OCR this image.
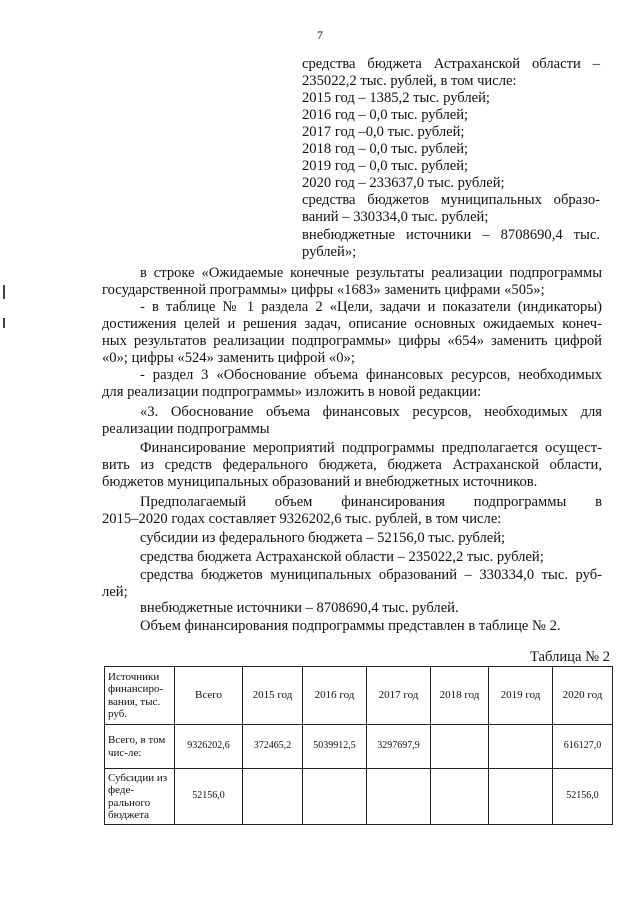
7
средства бюджета Астраханской области –
235022,2 тыс. рублей, в том числе:
2015 год – 1385,2 тыс. рублей;
2016 год – 0,0 тыс. рублей;
2017 год –0,0 тыс. рублей;
2018 год – 0,0 тыс. рублей;
2019 год – 0,0 тыс. рублей;
2020 год – 233637,0 тыс. рублей;
средства бюджетов муниципальных образо-
ваний – 330334,0 тыс. рублей;
внебюджетные источники – 8708690,4 тыс.
рублей»;
в строке «Ожидаемые конечные результаты реализации подпрограммы
государственной программы» цифры «1683» заменить цифрами «505»;
- в таблице № 1 раздела 2 «Цели, задачи и показатели (индикаторы)
достижения целей и решения задач, описание основных ожидаемых конеч-
ных результатов реализации подпрограммы» цифры «654» заменить цифрой
«0»; цифры «524» заменить цифрой «0»;
- раздел 3 «Обоснование объема финансовых ресурсов, необходимых
для реализации подпрограммы» изложить в новой редакции:
«3. Обоснование объема финансовых ресурсов, необходимых для
реализации подпрограммы
Финансирование мероприятий подпрограммы предполагается осущест-
вить из средств федерального бюджета, бюджета Астраханской области,
бюджетов муниципальных образований и внебюджетных источников.
Предполагаемый объем финансирования подпрограммы в
2015–2020 годах составляет 9326202,6 тыс. рублей, в том числе:
субсидии из федерального бюджета – 52156,0 тыс. рублей;
средства бюджета Астраханской области – 235022,2 тыс. рублей;
средства бюджетов муниципальных образований – 330334,0 тыс. руб-
лей;
внебюджетные источники – 8708690,4 тыс. рублей.
Объем финансирования подпрограммы представлен в таблице № 2.
Таблица № 2
Источники финансиро-вания, тыс. руб.	Всего	2015 год	2016 год	2017 год	2018 год	2019 год	2020 год
Всего, в том чис-ле:	9326202,6	372465,2	5039912,5	3297697,9			616127,0
Субсидии из феде-рального бюджета	52156,0						52156,0
